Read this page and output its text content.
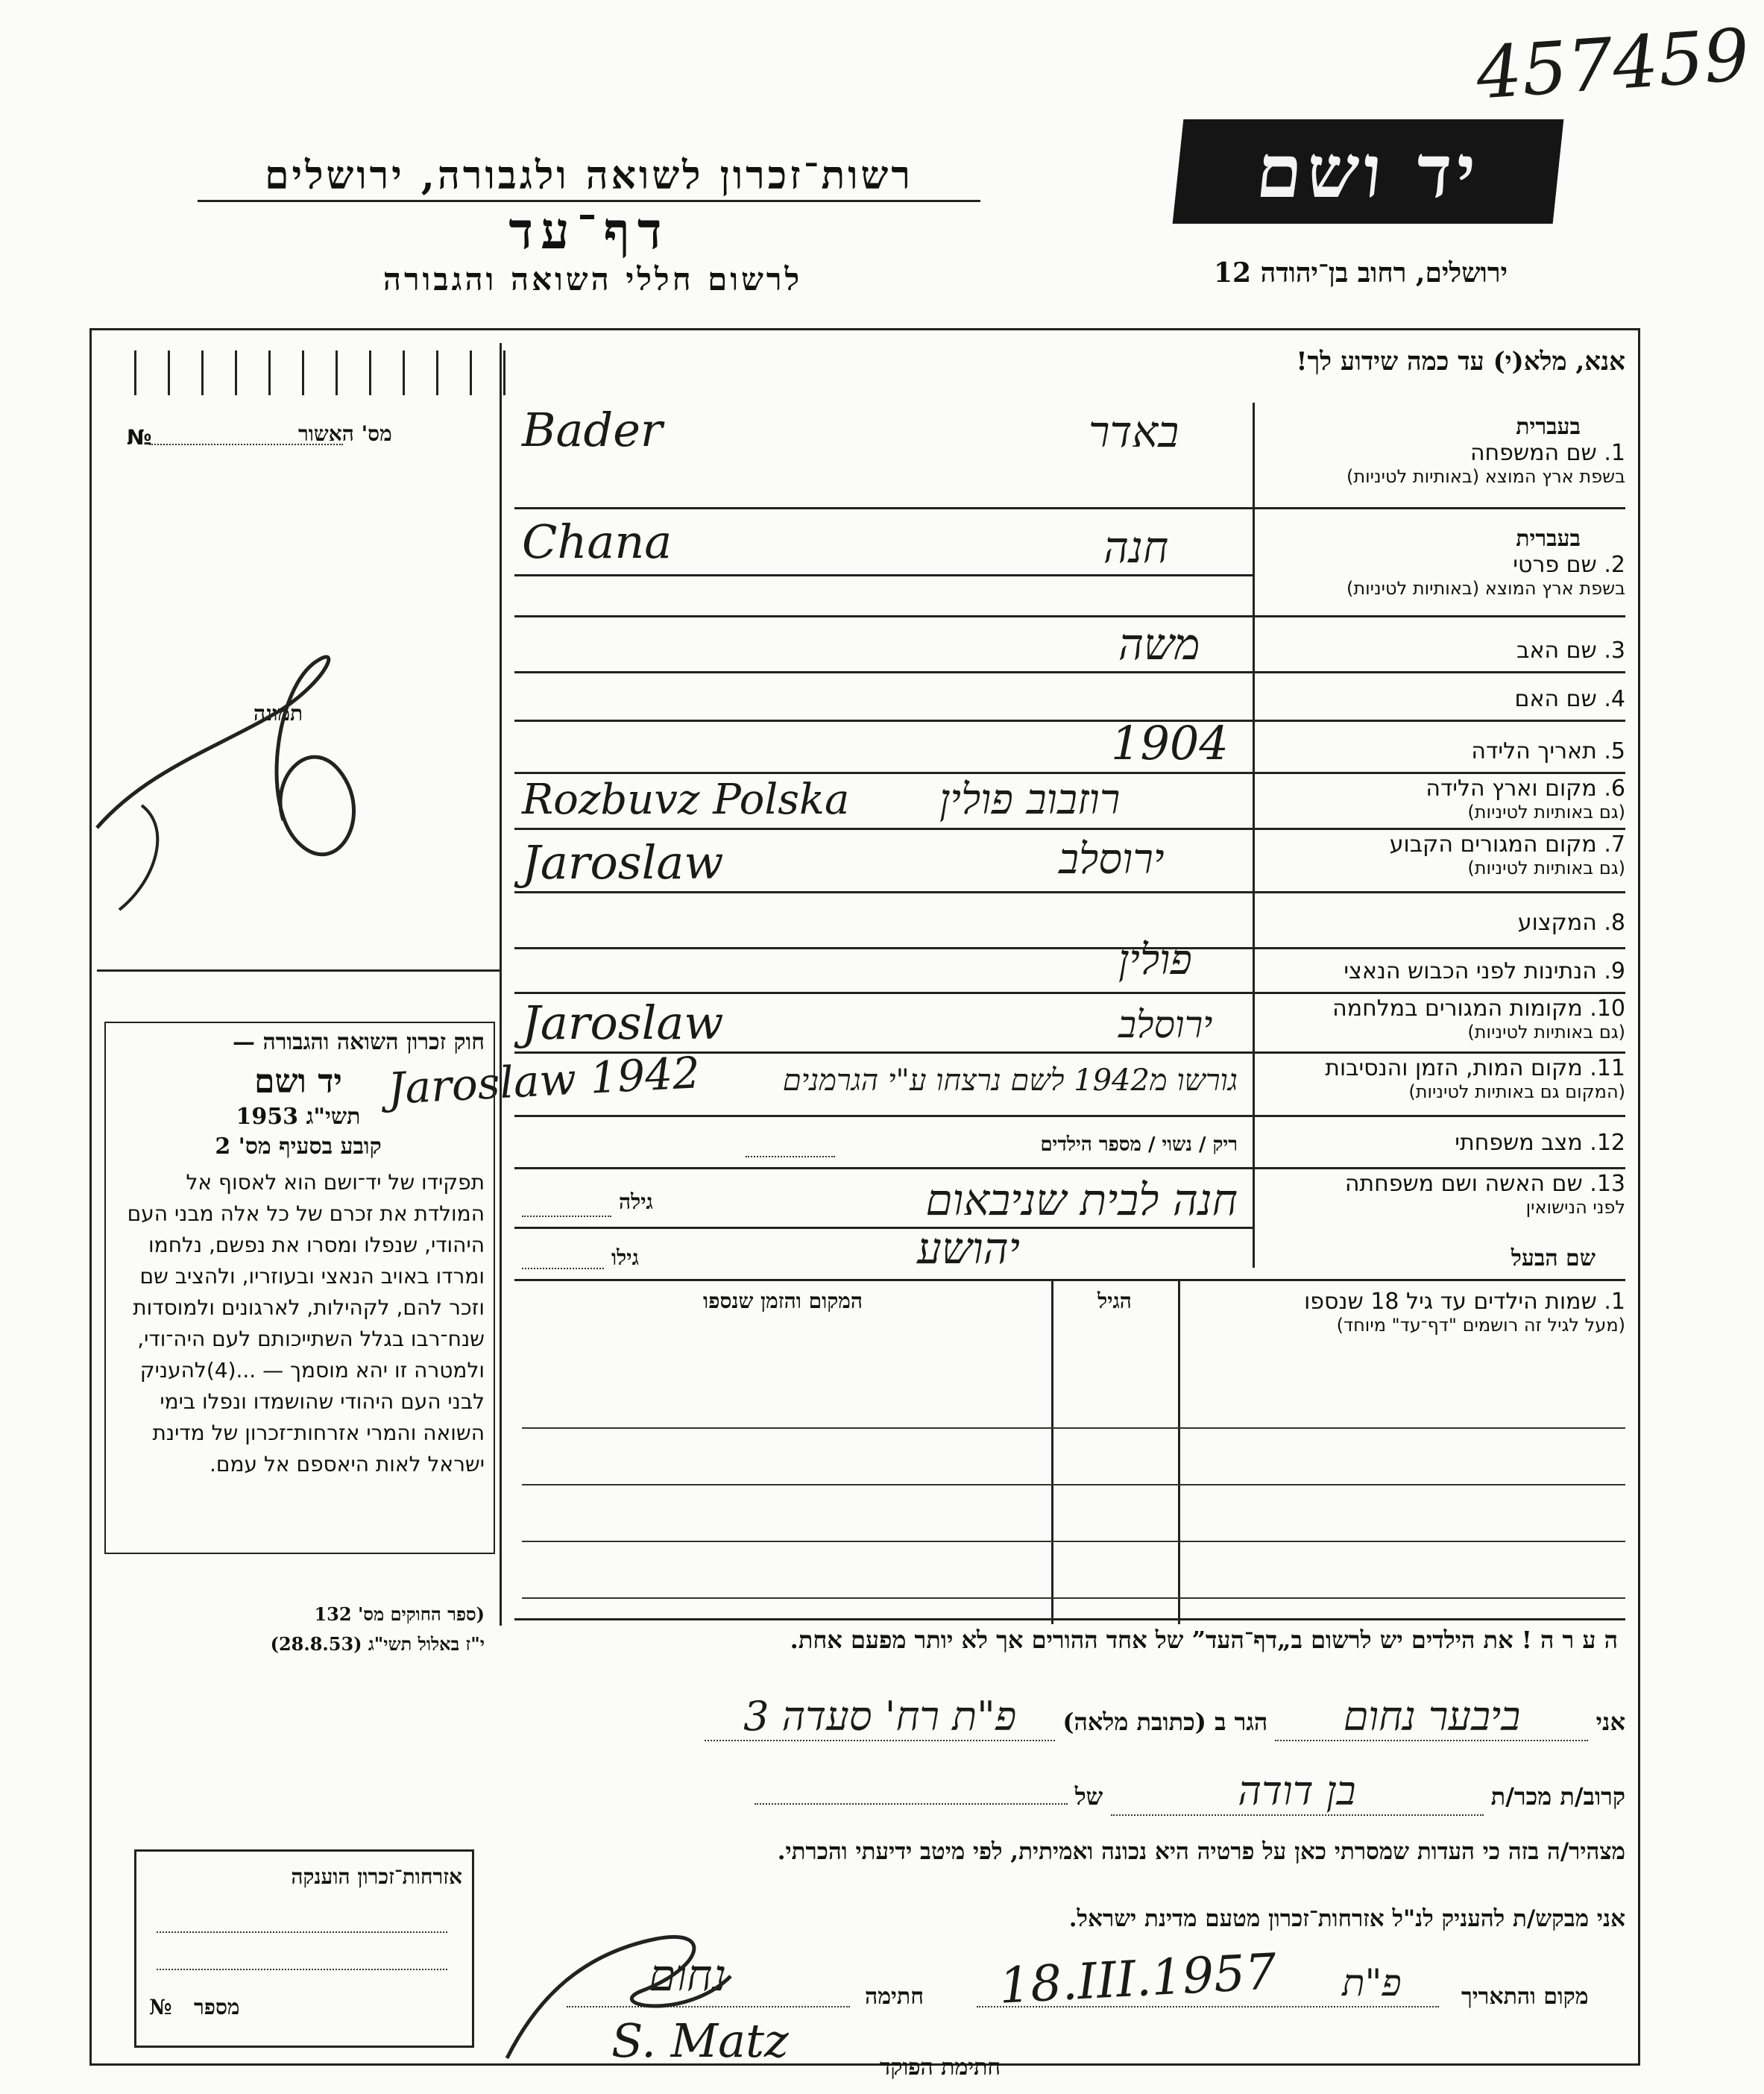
457459
רשות־זכרון לשואה ולגבורה, ירושלים
דף־עד
לרשום חללי השואה והגבורה
יד ושם
ירושלים, רחוב בן־יהודה 12
אנא, מלא(י) עד כמה שידוע לך!
1. שם המשפחה
בשפת ארץ המוצא (באותיות לטיניות)
בעברית
Bader	באדר
2. שם פרטי
בשפת ארץ המוצא (באותיות לטיניות)
בעברית
Chana	חנה
3. שם האב
משה
4. שם האם
5. תאריך הלידה
1904
6. מקום וארץ הלידה
(גם באותיות לטיניות)
Rozbuvz Polska רוזבוב פולין
7. מקום המגורים הקבוע
(גם באותיות לטיניות)
Jaroslaw	ירוסלב
8. המקצוע
9. הנתינות לפני הכבוש הנאצי
פולין
10. מקומות המגורים במלחמה
(גם באותיות לטיניות)
Jaroslaw	ירוסלב
11. מקום המות, הזמן והנסיבות
(המקום גם באותיות לטיניות)
Jaroslaw 1942	גורשו מ1942 לשם נרצחו ע"י הגרמנים
12. מצב משפחתי
ריק / נשוי / מספר הילדים
13. שם האשה ושם משפחתה
לפני הנישואין
חנה לבית שניבאום
גילה
שם הבעל
יהושע
גילו
1. שמות הילדים עד גיל 18 שנספו
(מעל לגיל זה רושמים "דף־עד" מיוחד)
הגיל
המקום והזמן שנספו
ה ע ר ה ! את הילדים יש לרשום ב„דף־העד” של אחד ההורים אך לא יותר מפעם אחת.
אני ביבער נחום הגר ב (כתובת מלאה) פ"ת רח' סעדה 3
קרוב/ת מכר/ת בן דודה של
מצהיר/ה בזה כי העדות שמסרתי כאן על פרטיה היא נכונה ואמיתית, לפי מיטב ידיעתי והכרתי.
אני מבקש/ת להעניק לנ"ל אזרחות־זכרון מטעם מדינת ישראל.
מקום והתאריך
פ"ת
18.III.1957
חתימה
נחום
חתימת הפוקד
S. Matz
מס' האשור
№
תמונה
חוק זכרון השואה והגבורה —
יד ושם
תשי"ג 1953
קובע בסעיף מס' 2
תפקידו של יד־ושם הוא לאסוף אל המולדת את זכרם של כל אלה מבני העם היהודי, שנפלו ומסרו את נפשם, נלחמו ומרדו באויב הנאצי ובעוזריו, ולהציב שם וזכר להם, לקהילות, לארגונים ולמוסדות שנח־רבו בגלל השתייכותם לעם היה־ודי, ולמטרה זו יהא מוסמך — ...(4)להעניק לבני העם היהודי שהושמדו ונפלו בימי השואה והמרי אזרחות־זכרון של מדינת ישראל לאות היאספם אל עמם.
(ספר החוקים מס' 132
י"ז באלול תשי"ג (28.8.53)
אזרחות־זכרון הוענקה
מספר
№
